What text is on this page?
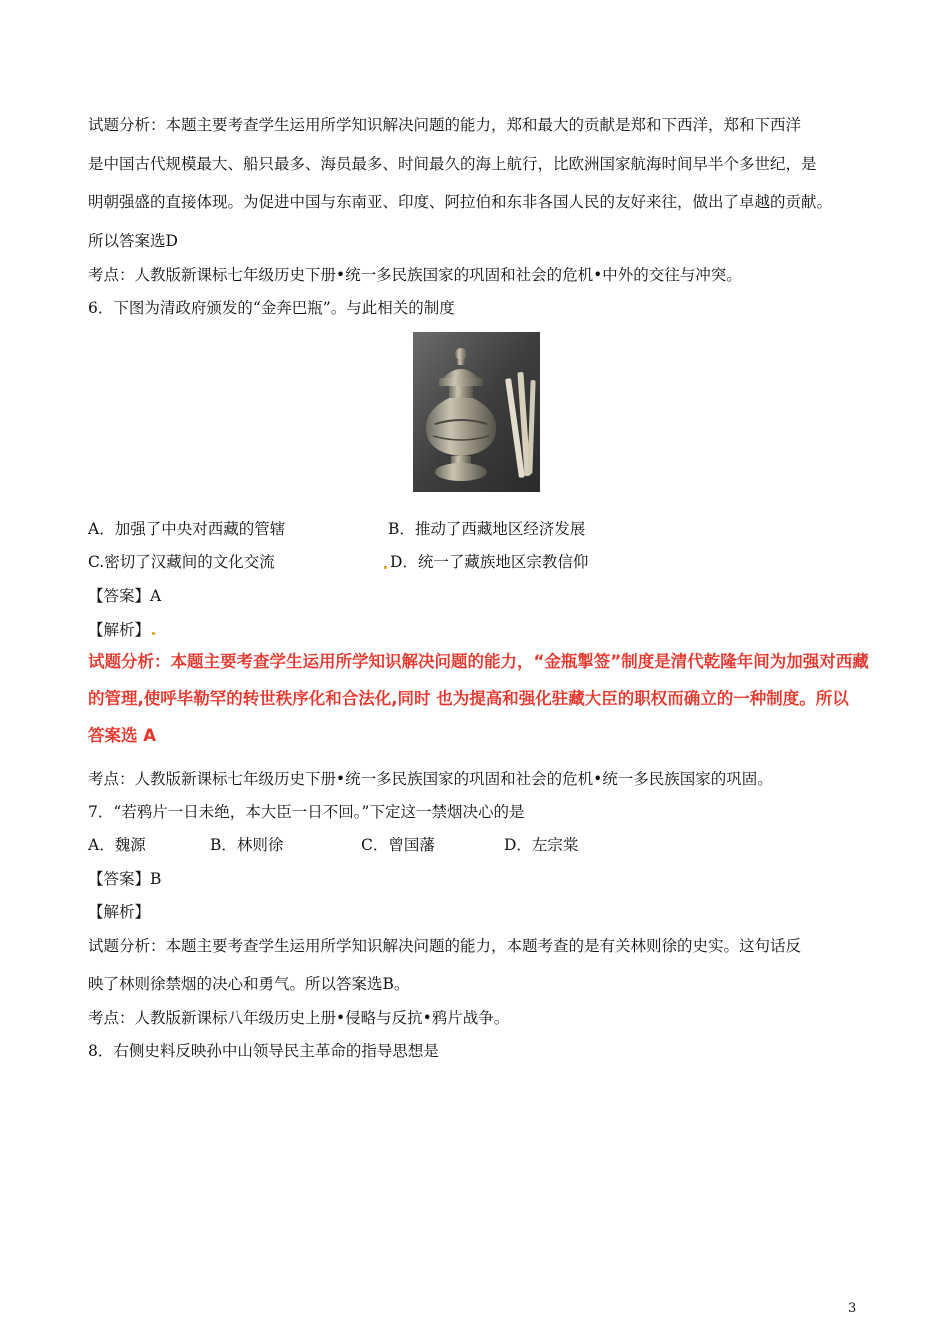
试题分析：本题主要考查学生运用所学知识解决问题的能力，郑和最大的贡献是郑和下西洋，郑和下西洋

是中国古代规模最大、船只最多、海员最多、时间最久的海上航行，比欧洲国家航海时间早半个多世纪，是

明朝强盛的直接体现。为促进中国与东南亚、印度、阿拉伯和东非各国人民的友好来往，做出了卓越的贡献。

所以答案选D

考点：人教版新课标七年级历史下册•统一多民族国家的巩固和社会的危机•中外的交往与冲突。

6．下图为清政府颁发的“金奔巴瓶”。与此相关的制度

A．加强了中央对西藏的管辖	B．推动了西藏地区经济发展

C.密切了汉藏间的文化交流	D．统一了藏族地区宗教信仰

【答案】A

【解析】

试题分析：本题主要考查学生运用所学知识解决问题的能力，“金瓶掣签”制度是清代乾隆年间为加强对西藏

的管理,使呼毕勒罕的转世秩序化和合法化,同时 也为提高和强化驻藏大臣的职权而确立的一种制度。所以

答案选 A

考点：人教版新课标七年级历史下册•统一多民族国家的巩固和社会的危机•统一多民族国家的巩固。

7．“若鸦片一日未绝，本大臣一日不回。”下定这一禁烟决心的是

A．魏源	B．林则徐	C．曾国藩	D．左宗棠

【答案】B

【解析】

试题分析：本题主要考查学生运用所学知识解决问题的能力，本题考查的是有关林则徐的史实。这句话反

映了林则徐禁烟的决心和勇气。所以答案选B。

考点：人教版新课标八年级历史上册•侵略与反抗•鸦片战争。

8．右侧史料反映孙中山领导民主革命的指导思想是

3
